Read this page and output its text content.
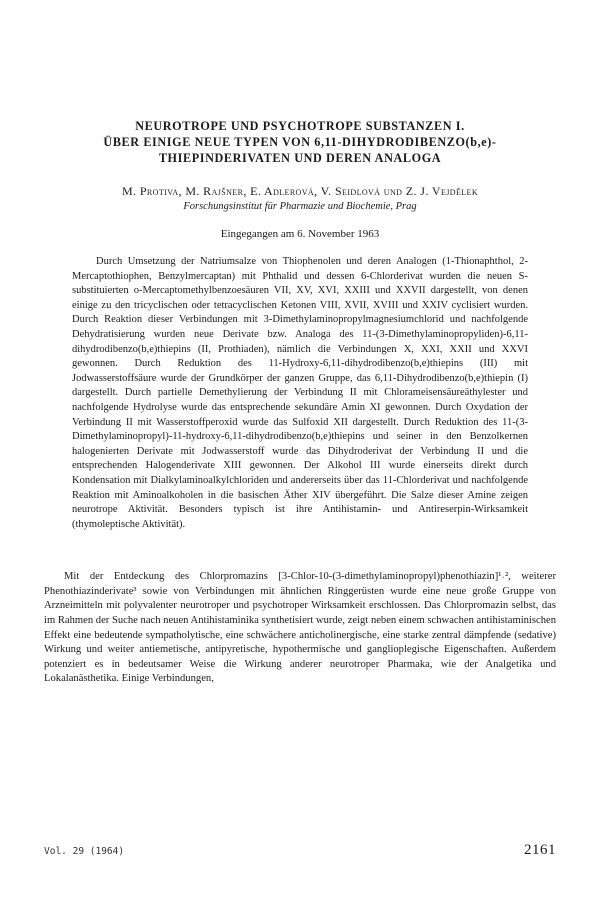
NEUROTROPE UND PSYCHOTROPE SUBSTANZEN I.
ÜBER EINIGE NEUE TYPEN VON 6,11-DIHYDRODIBENZO(b,e)-
THIEPINDERIVATEN UND DEREN ANALOGA
M. Protiva, M. Rajšner, E. Adlerová, V. Seidlová und Z. J. Vejdělek
Forschungsinstitut für Pharmazie und Biochemie, Prag
Eingegangen am 6. November 1963

Durch Umsetzung der Natriumsalze von Thiophenolen und deren Analogen (1-Thionaphthol, 2-Mercaptothiophen, Benzylmercaptan) mit Phthalid und dessen 6-Chlorderivat wurden die neuen S-substituierten o-Mercaptomethylbenzoesäuren VII, XV, XVI, XXIII und XXVII dargestellt, von denen einige zu den tricyclischen oder tetracyclischen Ketonen VIII, XVII, XVIII und XXIV cyclisiert wurden. Durch Reaktion dieser Verbindungen mit 3-Dimethylaminopropylmagnesiumchlorid und nachfolgende Dehydratisierung wurden neue Derivate bzw. Analoga des 11-(3-Dimethylaminopropyliden)-6,11-dihydrodibenzo(b,e)thiepins (II, Prothiaden), nämlich die Verbindungen X, XXI, XXII und XXVI gewonnen. Durch Reduktion des 11-Hydroxy-6,11-dihydrodibenzo(b,e)thiepins (III) mit Jodwasserstoffsäure wurde der Grundkörper der ganzen Gruppe, das 6,11-Dihydrodibenzo(b,e)thiepin (I) dargestellt. Durch partielle Demethylierung der Verbindung II mit Chlorameisensäureäthylester und nachfolgende Hydrolyse wurde das entsprechende sekundäre Amin XI gewonnen. Durch Oxydation der Verbindung II mit Wasserstoffperoxid wurde das Sulfoxid XII dargestellt. Durch Reduktion des 11-(3-Dimethylaminopropyl)-11-hydroxy-6,11-dihydrodibenzo(b,e)thiepins und seiner in den Benzolkernen halogenierten Derivate mit Jodwasserstoff wurde das Dihydroderivat der Verbindung II und die entsprechenden Halogenderivate XIII gewonnen. Der Alkohol III wurde einerseits direkt durch Kondensation mit Dialkylaminoalkylchloriden und andererseits über das 11-Chlorderivat und nachfolgende Reaktion mit Aminoalkoholen in die basischen Äther XIV übergeführt. Die Salze dieser Amine zeigen neurotrope Aktivität. Besonders typisch ist ihre Antihistamin- und Antireserpin-Wirksamkeit (thymoleptische Aktivität).

Mit der Entdeckung des Chlorpromazins [3-Chlor-10-(3-dimethylaminopropyl)phenothiazin]¹˒², weiterer Phenothiazinderivate³ sowie von Verbindungen mit ähnlichen Ringgerüsten wurde eine neue große Gruppe von Arzneimitteln mit polyvalenter neurotroper und psychotroper Wirksamkeit erschlossen. Das Chlorpromazin selbst, das im Rahmen der Suche nach neuen Antihistaminika synthetisiert wurde, zeigt neben einem schwachen antihistaminischen Effekt eine bedeutende sympatholytische, eine schwächere anticholinergische, eine starke zentral dämpfende (sedative) Wirkung und weiter antiemetische, antipyretische, hypothermische und ganglioplegische Eigenschaften. Außerdem potenziert es in bedeutsamer Weise die Wirkung anderer neurotroper Pharmaka, wie der Analgetika und Lokalanästhetika. Einige Verbindungen,

Vol. 29 (1964)	2161
